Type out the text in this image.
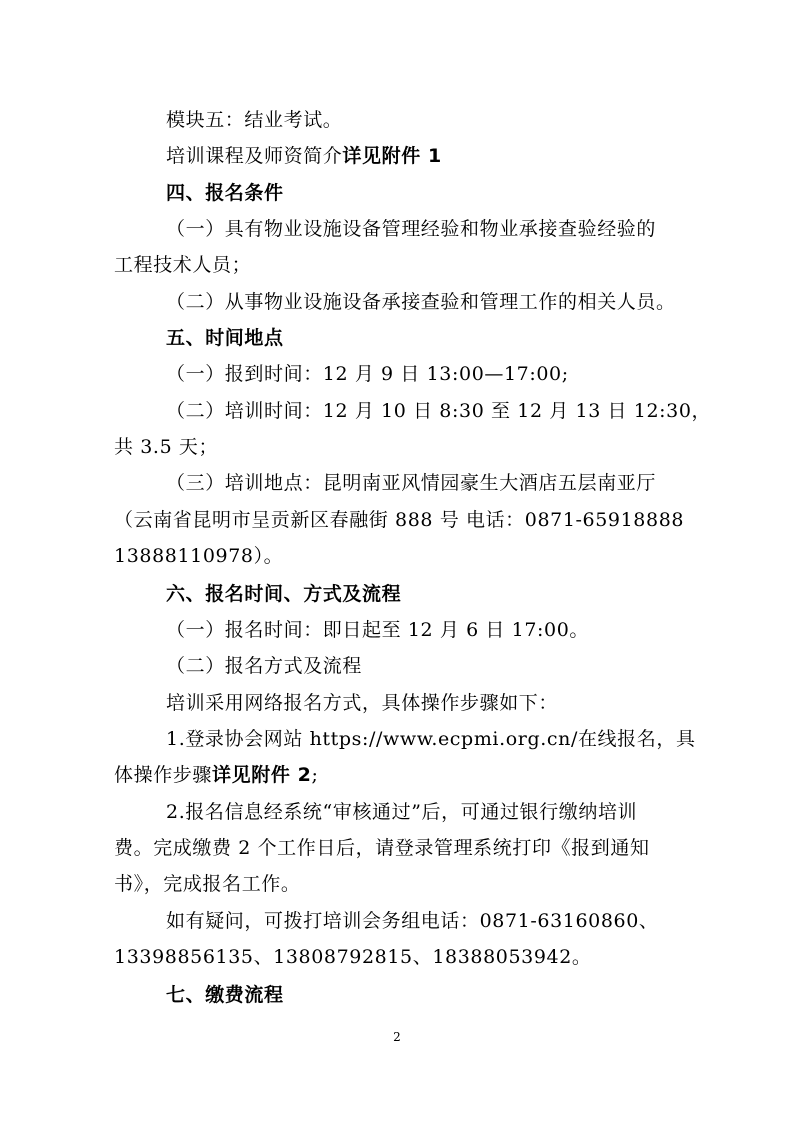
模块五：结业考试。
培训课程及师资简介详见附件 1
四、报名条件
（一）具有物业设施设备管理经验和物业承接查验经验的
工程技术人员；
（二）从事物业设施设备承接查验和管理工作的相关人员。
五、时间地点
（一）报到时间：12 月 9 日 13:00—17:00;
（二）培训时间：12 月 10 日 8:30 至 12 月 13 日 12:30，
共 3.5 天；
（三）培训地点：昆明南亚风情园豪生大酒店五层南亚厅
（云南省昆明市呈贡新区春融街 888 号 电话：0871-65918888
13888110978）。
六、报名时间、方式及流程
（一）报名时间：即日起至 12 月 6 日 17:00。
（二）报名方式及流程
培训采用网络报名方式，具体操作步骤如下：
1.登录协会网站 https://www.ecpmi.org.cn/在线报名，具
体操作步骤详见附件 2;
2.报名信息经系统“审核通过”后，可通过银行缴纳培训
费。完成缴费 2 个工作日后，请登录管理系统打印《报到通知
书》，完成报名工作。
如有疑问，可拨打培训会务组电话：0871-63160860、
13398856135、13808792815、18388053942。
七、缴费流程
2
